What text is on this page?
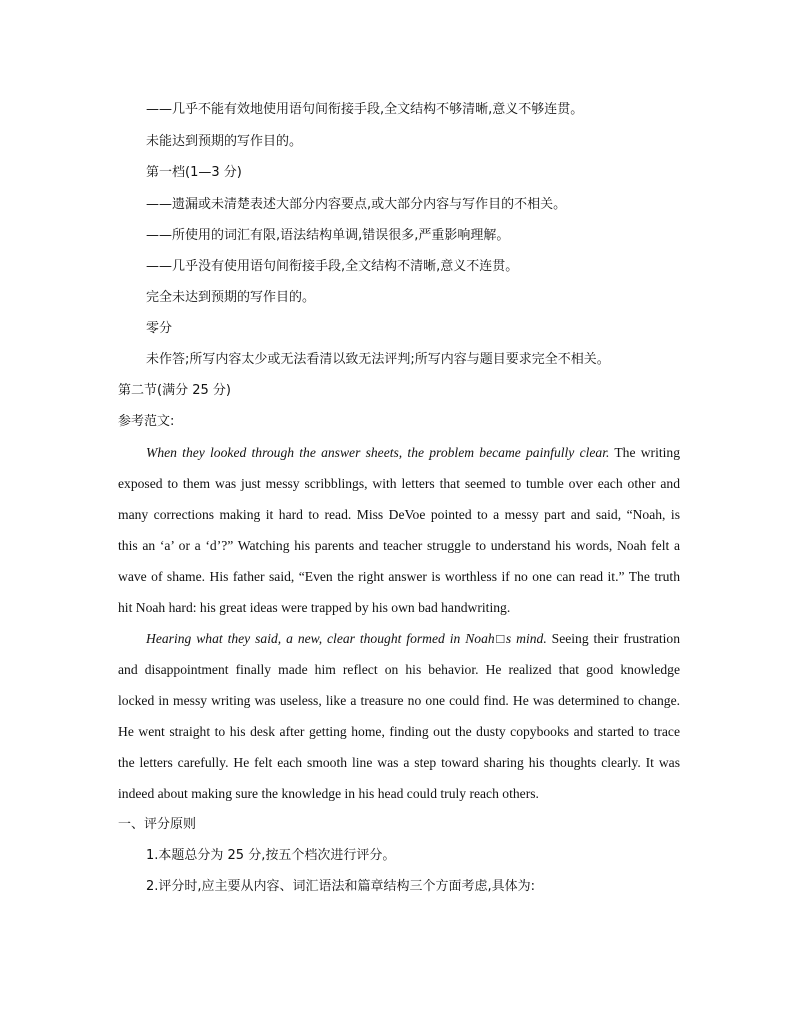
——几乎不能有效地使用语句间衔接手段,全文结构不够清晰,意义不够连贯。
未能达到预期的写作目的。
第一档(1—3 分)
——遗漏或未清楚表述大部分内容要点,或大部分内容与写作目的不相关。
——所使用的词汇有限,语法结构单调,错误很多,严重影响理解。
——几乎没有使用语句间衔接手段,全文结构不清晰,意义不连贯。
完全未达到预期的写作目的。
零分
未作答;所写内容太少或无法看清以致无法评判;所写内容与题目要求完全不相关。
第二节(满分 25 分)
参考范文:
When they looked through the answer sheets, the problem became painfully clear. The writing
exposed to them was just messy scribblings, with letters that seemed to tumble over each other and
many corrections making it hard to read. Miss DeVoe pointed to a messy part and said, “Noah, is
this an ‘a’ or a ‘d’?” Watching his parents and teacher struggle to understand his words, Noah felt a
wave of shame. His father said, “Even the right answer is worthless if no one can read it.” The truth
hit Noah hard: his great ideas were trapped by his own bad handwriting.
Hearing what they said, a new, clear thought formed in Noah□s mind. Seeing their frustration
and disappointment finally made him reflect on his behavior. He realized that good knowledge
locked in messy writing was useless, like a treasure no one could find. He was determined to change.
He went straight to his desk after getting home, finding out the dusty copybooks and started to trace
the letters carefully. He felt each smooth line was a step toward sharing his thoughts clearly. It was
indeed about making sure the knowledge in his head could truly reach others.
一、评分原则
1.本题总分为 25 分,按五个档次进行评分。
2.评分时,应主要从内容、词汇语法和篇章结构三个方面考虑,具体为:
